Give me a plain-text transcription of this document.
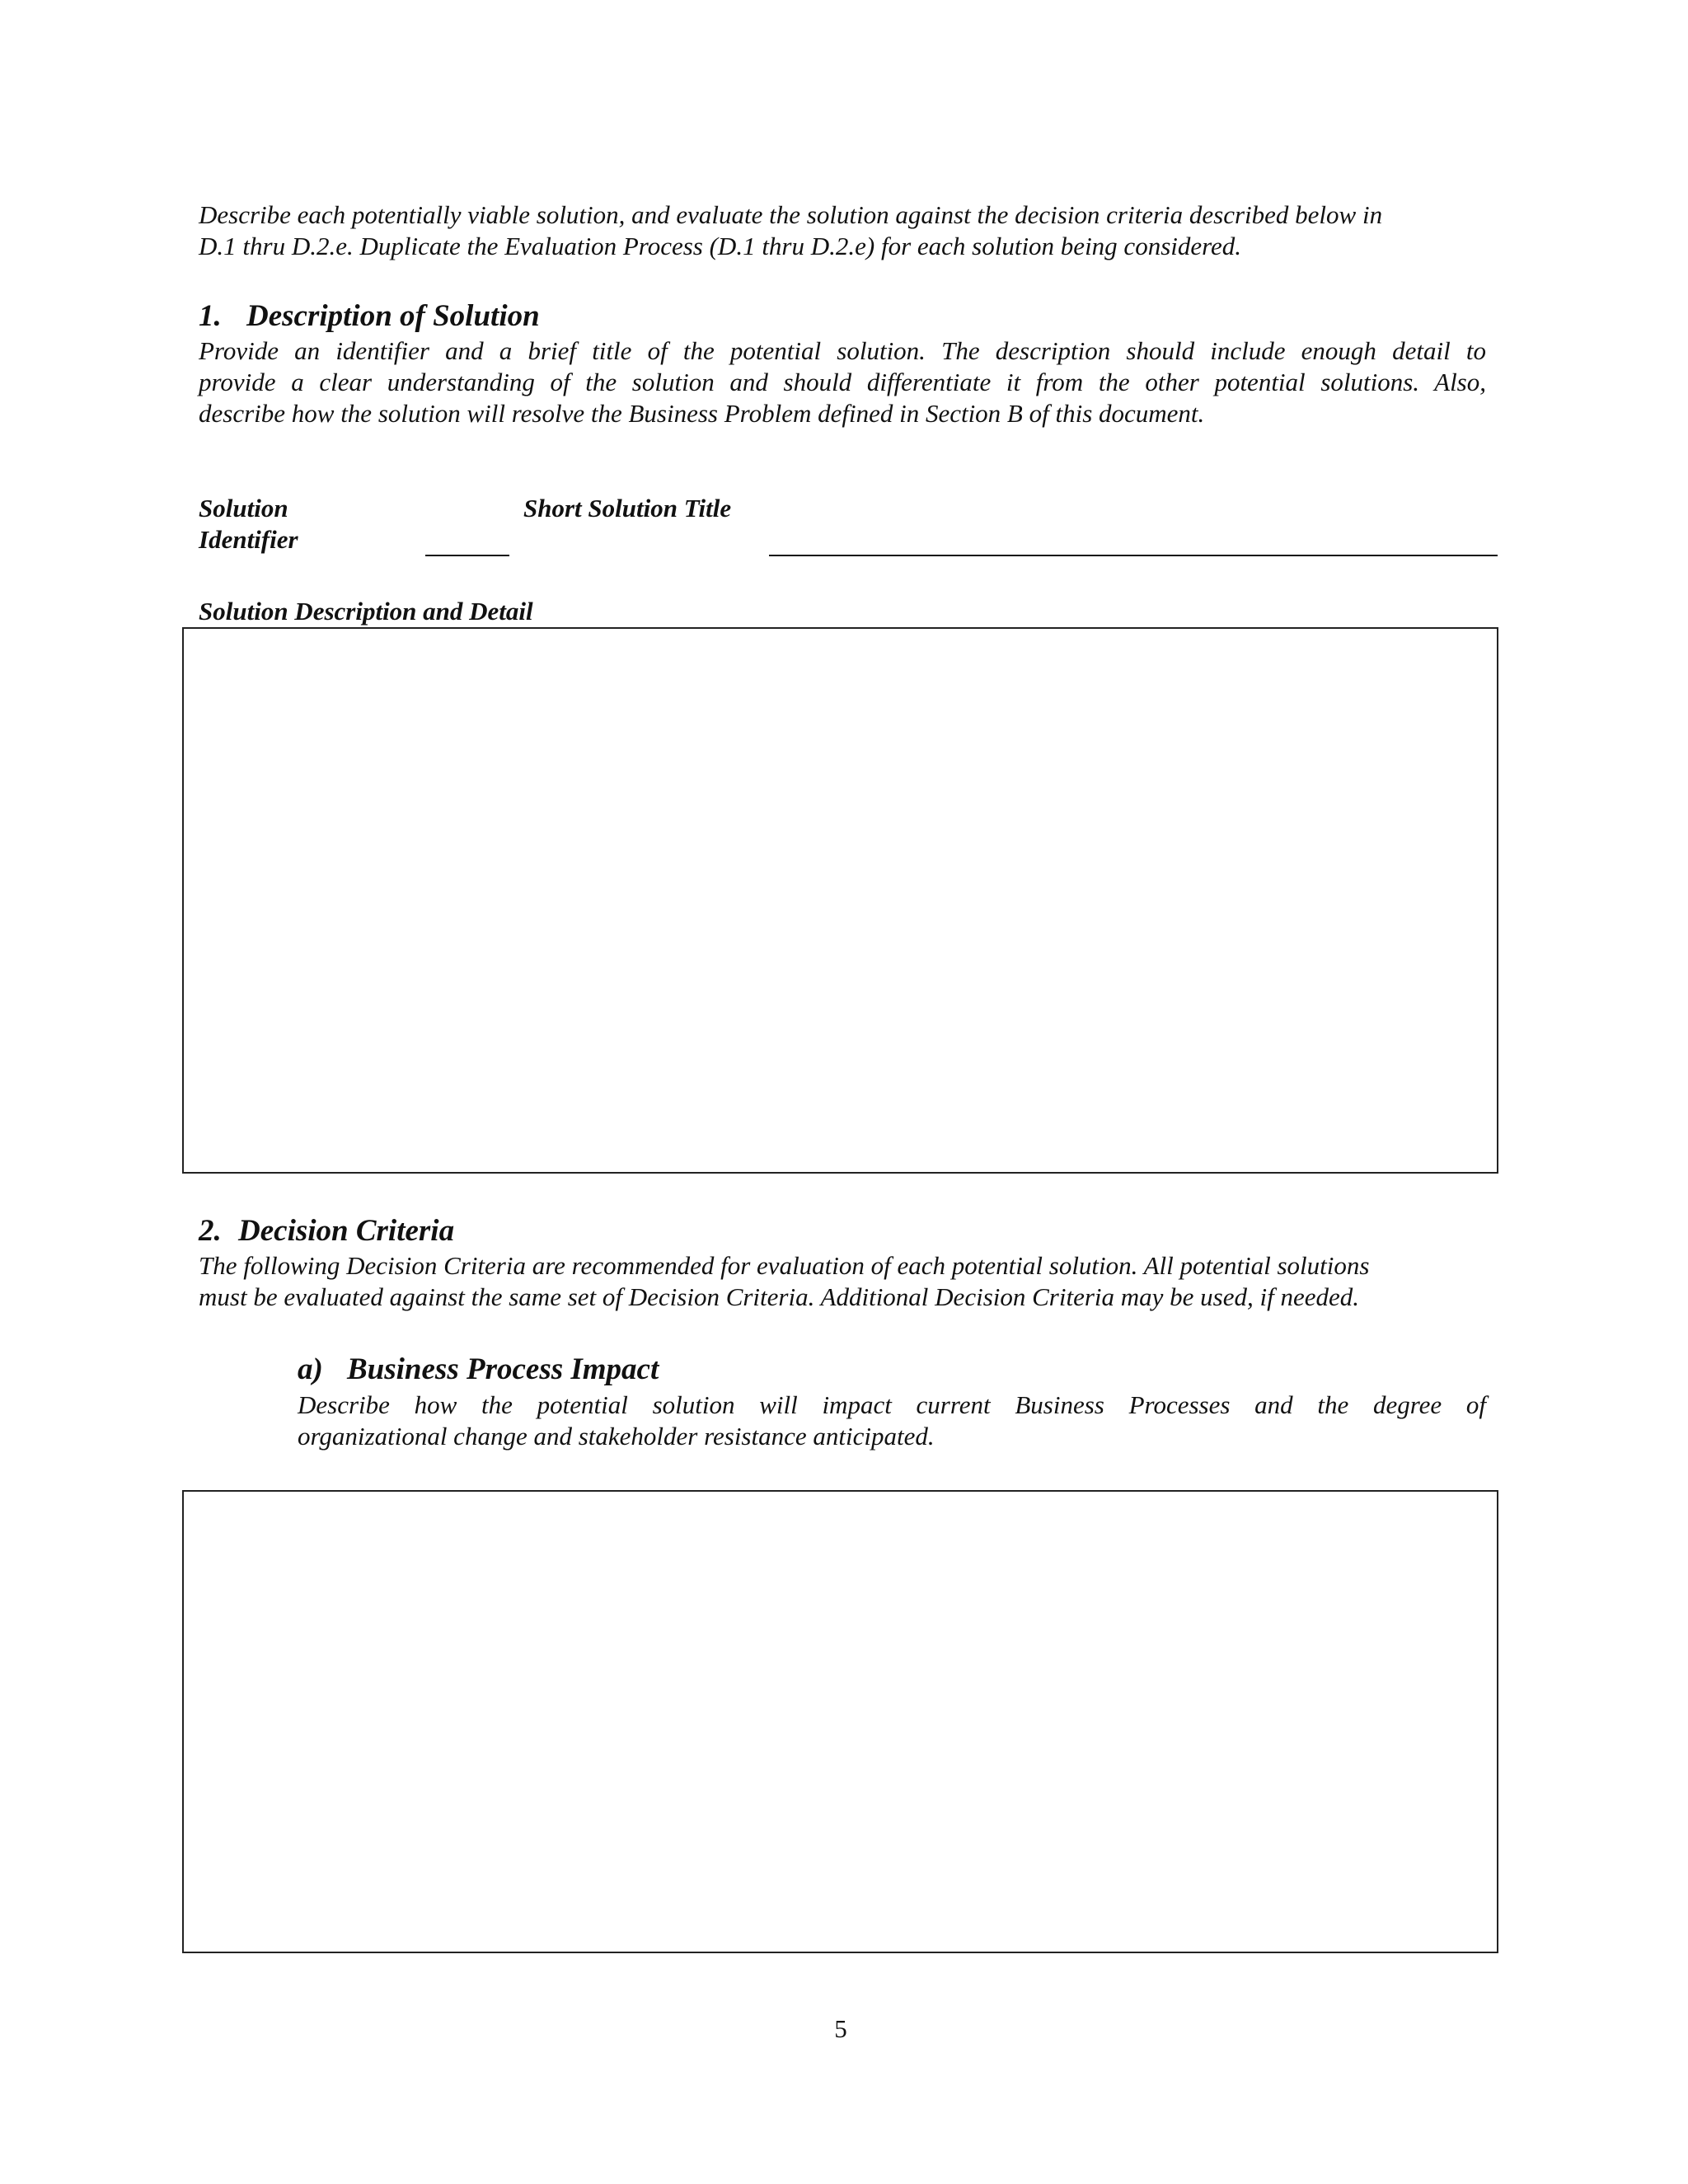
Describe each potentially viable solution, and evaluate the solution against the decision criteria described below in
D.1 thru D.2.e. Duplicate the Evaluation Process (D.1 thru D.2.e) for each solution being considered.
1. Description of Solution
Provide an identifier and a brief title of the potential solution. The description should include enough detail to
provide a clear understanding of the solution and should differentiate it from the other potential solutions. Also,
describe how the solution will resolve the Business Problem defined in Section B of this document.
Solution
Identifier
Short Solution Title
Solution Description and Detail
2. Decision Criteria
The following Decision Criteria are recommended for evaluation of each potential solution. All potential solutions
must be evaluated against the same set of Decision Criteria. Additional Decision Criteria may be used, if needed.
a) Business Process Impact
Describe how the potential solution will impact current Business Processes and the degree of
organizational change and stakeholder resistance anticipated.
5
